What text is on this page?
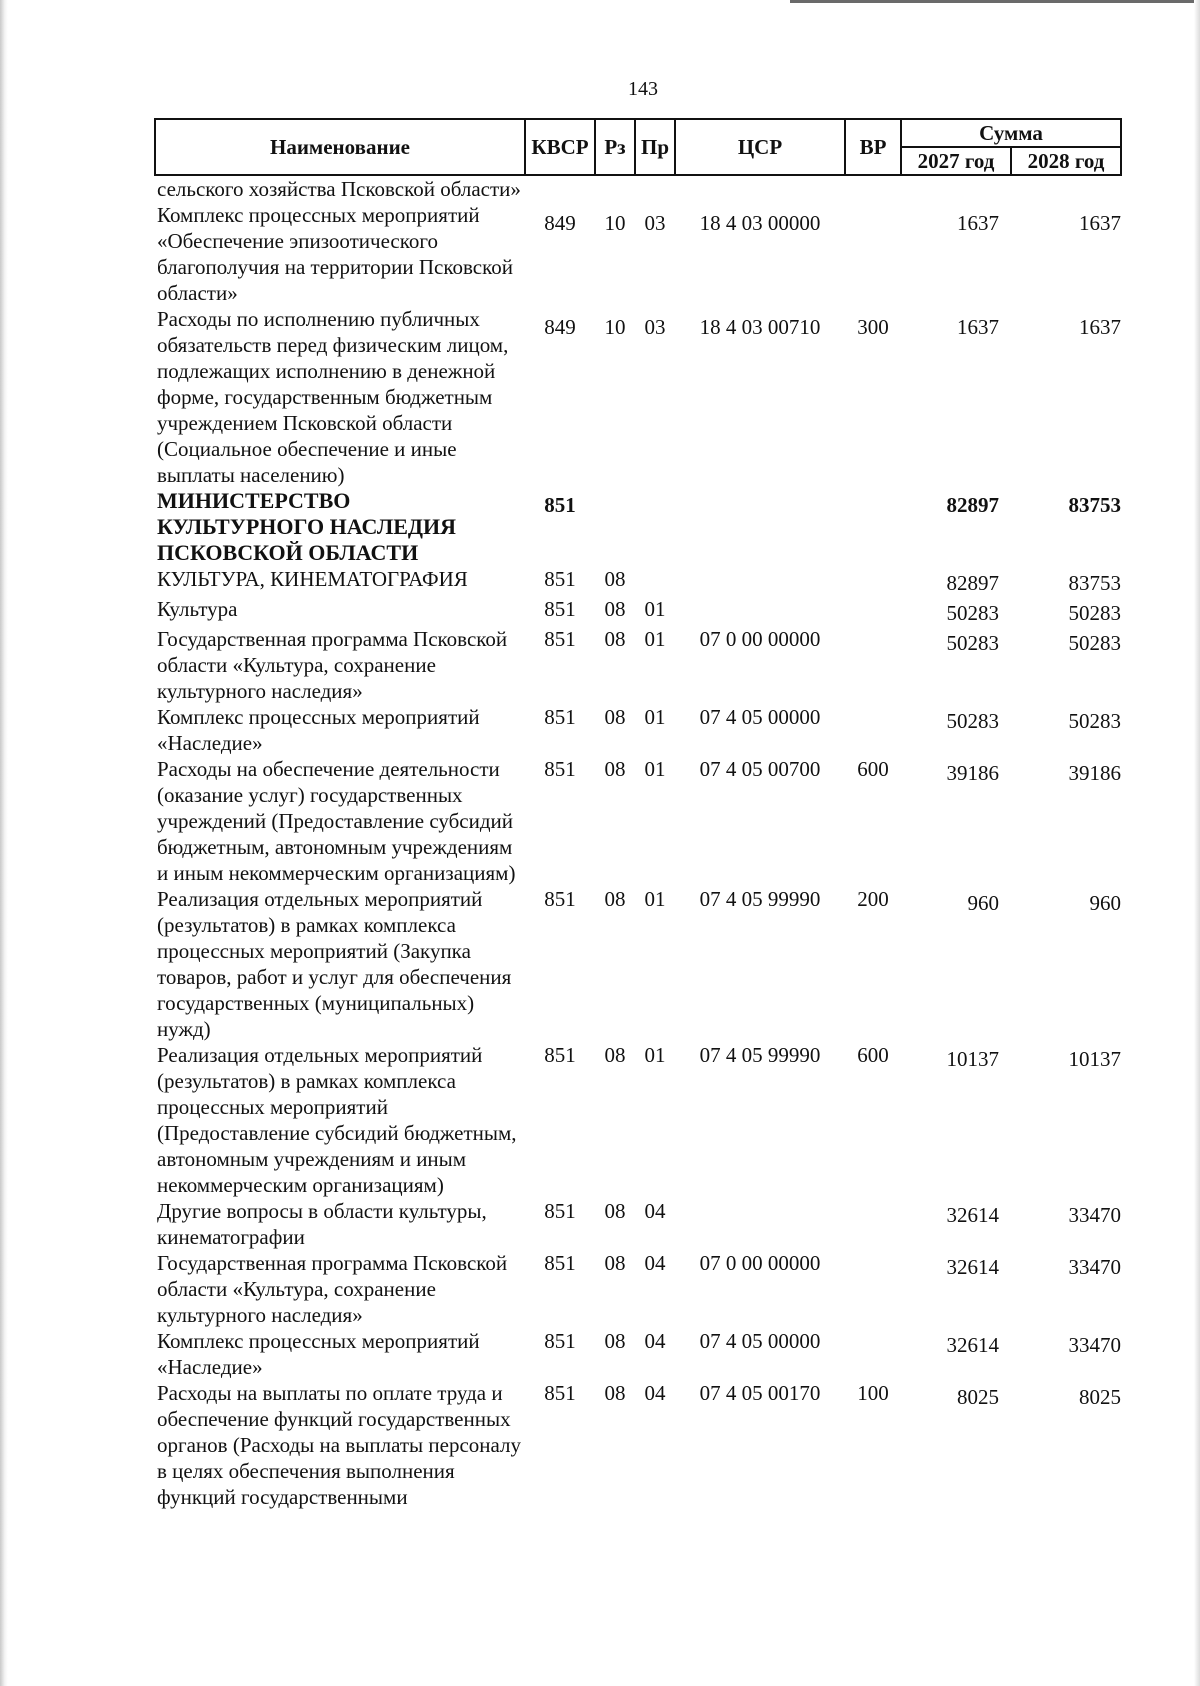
143
Наименование	КВСР	Рз	Пр	ЦСР	ВР	Сумма	
						2027 год	2028 год
сельского хозяйства Псковской области»							
Комплекс процессных мероприятий «Обеспечение эпизоотического благополучия на территории Псковской области»	849	10	03	18 4 03 00000		1637	1637
Расходы по исполнению публичных обязательств перед физическим лицом, подлежащих исполнению в денежной форме, государственным бюджетным учреждением Псковской области (Социальное обеспечение и иные выплаты населению)	849	10	03	18 4 03 00710	300	1637	1637
МИНИСТЕРСТВО КУЛЬТУРНОГО НАСЛЕДИЯ ПСКОВСКОЙ ОБЛАСТИ	851					82897	83753
КУЛЬТУРА, КИНЕМАТОГРАФИЯ	851	08				82897	83753
Культура	851	08	01			50283	50283
Государственная программа Псковской области «Культура, сохранение культурного наследия»	851	08	01	07 0 00 00000		50283	50283
Комплекс процессных мероприятий «Наследие»	851	08	01	07 4 05 00000		50283	50283
Расходы на обеспечение деятельности (оказание услуг) государственных учреждений (Предоставление субсидий бюджетным, автономным учреждениям и иным некоммерческим организациям)	851	08	01	07 4 05 00700	600	39186	39186
Реализация отдельных мероприятий (результатов) в рамках комплекса процессных мероприятий (Закупка товаров, работ и услуг для обеспечения государственных (муниципальных) нужд)	851	08	01	07 4 05 99990	200	960	960
Реализация отдельных мероприятий (результатов) в рамках комплекса процессных мероприятий (Предоставление субсидий бюджетным, автономным учреждениям и иным некоммерческим организациям)	851	08	01	07 4 05 99990	600	10137	10137
Другие вопросы в области культуры, кинематографии	851	08	04			32614	33470
Государственная программа Псковской области «Культура, сохранение культурного наследия»	851	08	04	07 0 00 00000		32614	33470
Комплекс процессных мероприятий «Наследие»	851	08	04	07 4 05 00000		32614	33470
Расходы на выплаты по оплате труда и обеспечение функций государственных органов (Расходы на выплаты персоналу в целях обеспечения выполнения функций государственными	851	08	04	07 4 05 00170	100	8025	8025
